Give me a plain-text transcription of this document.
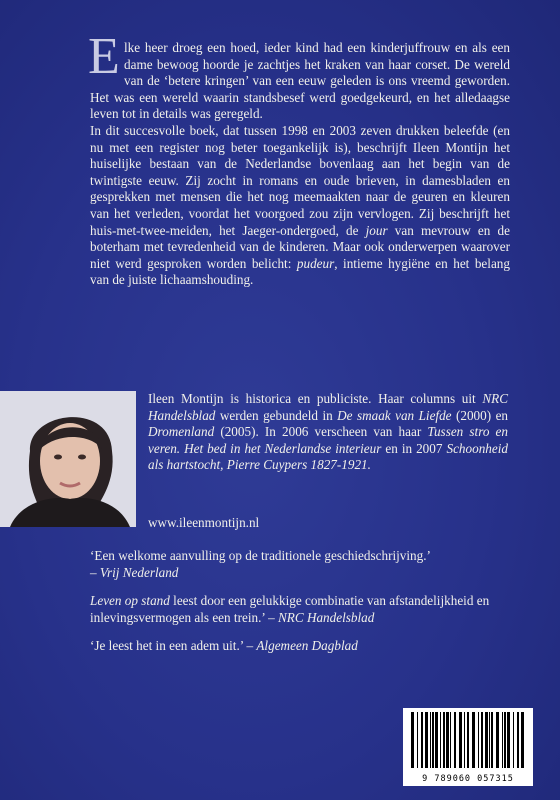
E lke heer droeg een hoed, ieder kind had een kinderjuffrouw en als een dame bewoog hoorde je zachtjes het kraken van haar corset. De wereld van de ‘betere kringen’ van een eeuw geleden is ons vreemd geworden. Het was een wereld waarin standsbesef werd goedgekeurd, en het alledaagse leven tot in details was geregeld.

In dit succesvolle boek, dat tussen 1998 en 2003 zeven drukken beleefde (en nu met een register nog beter toegankelijk is), beschrijft Ileen Montijn het huiselijke bestaan van de Nederlandse bovenlaag aan het begin van de twintigste eeuw. Zij zocht in romans en oude brieven, in damesbladen en gesprekken met mensen die het nog meemaakten naar de geuren en kleuren van het verleden, voordat het voorgoed zou zijn vervlogen. Zij beschrijft het huis-met-twee-meiden, het Jaeger-ondergoed, de jour van mevrouw en de boterham met tevredenheid van de kinderen. Maar ook onderwerpen waarover niet werd gesproken worden belicht: pudeur, intieme hygiëne en het belang van de juiste lichaamshouding.

Ileen Montijn is historica en publiciste. Haar columns uit NRC Handelsblad werden gebundeld in De smaak van Liefde (2000) en Dromenland (2005). In 2006 verscheen van haar Tussen stro en veren. Het bed in het Nederlandse interieur en in 2007 Schoonheid als hartstocht, Pierre Cuypers 1827-1921.
www.ileenmontijn.nl

‘Een welkome aanvulling op de traditionele geschiedschrijving.’
– Vrij Nederland

Leven op stand leest door een gelukkige combinatie van afstandelijkheid en inlevingsvermogen als een trein.’ – NRC Handelsblad

‘Je leest het in een adem uit.’ – Algemeen Dagblad

9 789060 057315
